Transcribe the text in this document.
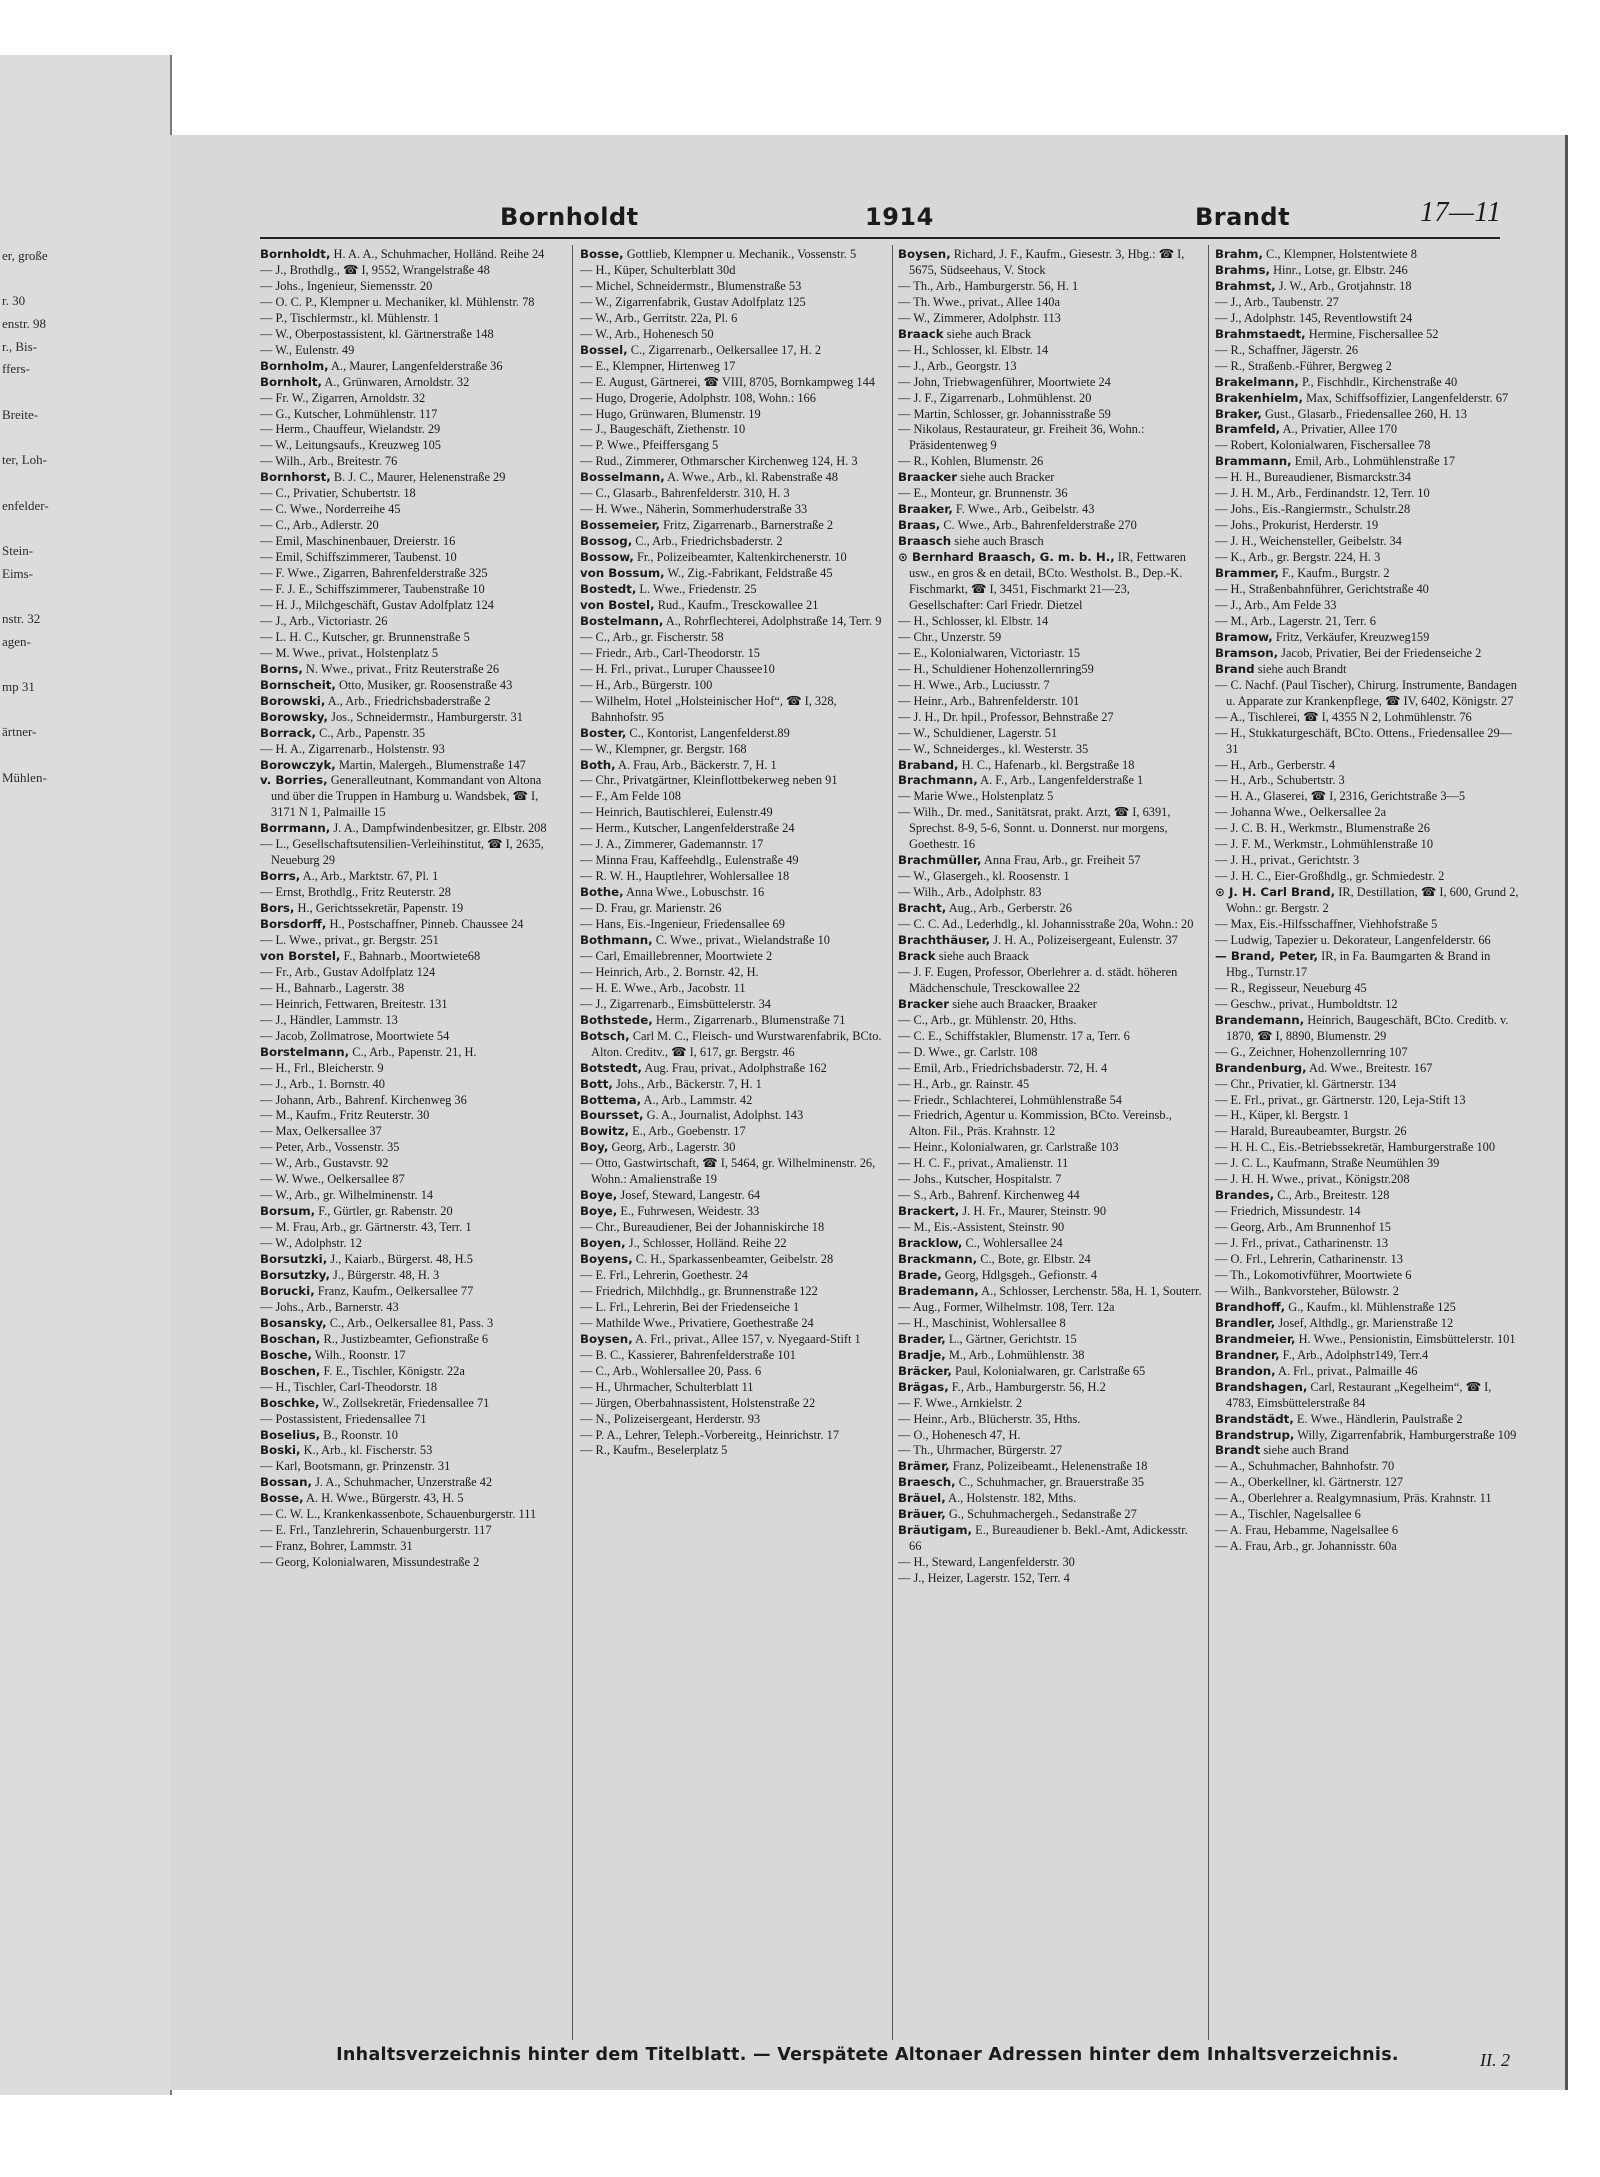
er, große
r. 30
enstr. 98
r., Bis-
ffers-
Breite-
ter, Loh-
enfelder-
Stein-
Eims-
nstr. 32
agen-
mp 31
ärtner-
Mühlen-
Bornholdt	1914	Brandt	17—11

Bornholdt, H. A. A., Schuhmacher, Holländ. Reihe 24

— J., Brothdlg., ☎ I, 9552, Wrangelstraße 48

— Johs., Ingenieur, Siemensstr. 20

— O. C. P., Klempner u. Mechaniker, kl. Mühlenstr. 78

— P., Tischlermstr., kl. Mühlenstr. 1

— W., Oberpostassistent, kl. Gärtnerstraße 148

— W., Eulenstr. 49

Bornholm, A., Maurer, Langenfelderstraße 36

Bornholt, A., Grünwaren, Arnoldstr. 32

— Fr. W., Zigarren, Arnoldstr. 32

— G., Kutscher, Lohmühlenstr. 117

— Herm., Chauffeur, Wielandstr. 29

— W., Leitungsaufs., Kreuzweg 105

— Wilh., Arb., Breitestr. 76

Bornhorst, B. J. C., Maurer, Helenenstraße 29

— C., Privatier, Schubertstr. 18

— C. Wwe., Norderreihe 45

— C., Arb., Adlerstr. 20

— Emil, Maschinenbauer, Dreierstr. 16

— Emil, Schiffszimmerer, Taubenst. 10

— F. Wwe., Zigarren, Bahrenfelderstraße 325

— F. J. E., Schiffszimmerer, Taubenstraße 10

— H. J., Milchgeschäft, Gustav Adolfplatz 124

— J., Arb., Victoriastr. 26

— L. H. C., Kutscher, gr. Brunnenstraße 5

— M. Wwe., privat., Holstenplatz 5

Borns, N. Wwe., privat., Fritz Reuterstraße 26

Bornscheit, Otto, Musiker, gr. Roosenstraße 43

Borowski, A., Arb., Friedrichsbaderstraße 2

Borowsky, Jos., Schneidermstr., Hamburgerstr. 31

Borrack, C., Arb., Papenstr. 35

— H. A., Zigarrenarb., Holstenstr. 93

Borowczyk, Martin, Malergeh., Blumenstraße 147

v. Borries, Generalleutnant, Kommandant von Altona und über die Truppen in Hamburg u. Wandsbek, ☎ I, 3171 N 1, Palmaille 15

Borrmann, J. A., Dampfwindenbesitzer, gr. Elbstr. 208

— L., Gesellschaftsutensilien-Verleihinstitut, ☎ I, 2635, Neueburg 29

Borrs, A., Arb., Marktstr. 67, Pl. 1

— Ernst, Brothdlg., Fritz Reuterstr. 28

Bors, H., Gerichtssekretär, Papenstr. 19

Borsdorff, H., Postschaffner, Pinneb. Chaussee 24

— L. Wwe., privat., gr. Bergstr. 251

von Borstel, F., Bahnarb., Moortwiete68

— Fr., Arb., Gustav Adolfplatz 124

— H., Bahnarb., Lagerstr. 38

— Heinrich, Fettwaren, Breitestr. 131

— J., Händler, Lammstr. 13

— Jacob, Zollmatrose, Moortwiete 54

Borstelmann, C., Arb., Papenstr. 21, H.

— H., Frl., Bleicherstr. 9

— J., Arb., 1. Bornstr. 40

— Johann, Arb., Bahrenf. Kirchenweg 36

— M., Kaufm., Fritz Reuterstr. 30

— Max, Oelkersallee 37

— Peter, Arb., Vossenstr. 35

— W., Arb., Gustavstr. 92

— W. Wwe., Oelkersallee 87

— W., Arb., gr. Wilhelminenstr. 14

Borsum, F., Gürtler, gr. Rabenstr. 20

— M. Frau, Arb., gr. Gärtnerstr. 43, Terr. 1

— W., Adolphstr. 12

Borsutzki, J., Kaiarb., Bürgerst. 48, H.5

Borsutzky, J., Bürgerstr. 48, H. 3

Borucki, Franz, Kaufm., Oelkersallee 77

— Johs., Arb., Barnerstr. 43

Bosansky, C., Arb., Oelkersallee 81, Pass. 3

Boschan, R., Justizbeamter, Gefionstraße 6

Bosche, Wilh., Roonstr. 17

Boschen, F. E., Tischler, Königstr. 22a

— H., Tischler, Carl-Theodorstr. 18

Boschke, W., Zollsekretär, Friedensallee 71

— Postassistent, Friedensallee 71

Boselius, B., Roonstr. 10

Boski, K., Arb., kl. Fischerstr. 53

— Karl, Bootsmann, gr. Prinzenstr. 31

Bossan, J. A., Schuhmacher, Unzerstraße 42

Bosse, A. H. Wwe., Bürgerstr. 43, H. 5

— C. W. L., Krankenkassenbote, Schauenburgerstr. 111

— E. Frl., Tanzlehrerin, Schauenburgerstr. 117

— Franz, Bohrer, Lammstr. 31

— Georg, Kolonialwaren, Missundestraße 2

Bosse, Gottlieb, Klempner u. Mechanik., Vossenstr. 5

— H., Küper, Schulterblatt 30d

— Michel, Schneidermstr., Blumenstraße 53

— W., Zigarrenfabrik, Gustav Adolfplatz 125

— W., Arb., Gerritstr. 22a, Pl. 6

— W., Arb., Hohenesch 50

Bossel, C., Zigarrenarb., Oelkersallee 17, H. 2

— E., Klempner, Hirtenweg 17

— E. August, Gärtnerei, ☎ VIII, 8705, Bornkampweg 144

— Hugo, Drogerie, Adolphstr. 108, Wohn.: 166

— Hugo, Grünwaren, Blumenstr. 19

— J., Baugeschäft, Ziethenstr. 10

— P. Wwe., Pfeiffersgang 5

— Rud., Zimmerer, Othmarscher Kirchenweg 124, H. 3

Bosselmann, A. Wwe., Arb., kl. Rabenstraße 48

— C., Glasarb., Bahrenfelderstr. 310, H. 3

— H. Wwe., Näherin, Sommerhuderstraße 33

Bossemeier, Fritz, Zigarrenarb., Barnerstraße 2

Bossog, C., Arb., Friedrichsbaderstr. 2

Bossow, Fr., Polizeibeamter, Kaltenkirchenerstr. 10

von Bossum, W., Zig.-Fabrikant, Feldstraße 45

Bostedt, L. Wwe., Friedenstr. 25

von Bostel, Rud., Kaufm., Tresckowallee 21

Bostelmann, A., Rohrflechterei, Adolphstraße 14, Terr. 9

— C., Arb., gr. Fischerstr. 58

— Friedr., Arb., Carl-Theodorstr. 15

— H. Frl., privat., Luruper Chaussee10

— H., Arb., Bürgerstr. 100

— Wilhelm, Hotel „Holsteinischer Hof“, ☎ I, 328, Bahnhofstr. 95

Boster, C., Kontorist, Langenfelderst.89

— W., Klempner, gr. Bergstr. 168

Both, A. Frau, Arb., Bäckerstr. 7, H. 1

— Chr., Privatgärtner, Kleinflottbekerweg neben 91

— F., Am Felde 108

— Heinrich, Bautischlerei, Eulenstr.49

— Herm., Kutscher, Langenfelderstraße 24

— J. A., Zimmerer, Gademannstr. 17

— Minna Frau, Kaffeehdlg., Eulenstraße 49

— R. W. H., Hauptlehrer, Wohlersallee 18

Bothe, Anna Wwe., Lobuschstr. 16

— D. Frau, gr. Marienstr. 26

— Hans, Eis.-Ingenieur, Friedensallee 69

Bothmann, C. Wwe., privat., Wielandstraße 10

— Carl, Emaillebrenner, Moortwiete 2

— Heinrich, Arb., 2. Bornstr. 42, H.

— H. E. Wwe., Arb., Jacobstr. 11

— J., Zigarrenarb., Eimsbüttelerstr. 34

Bothstede, Herm., Zigarrenarb., Blumenstraße 71

Botsch, Carl M. C., Fleisch- und Wurstwarenfabrik, BCto. Alton. Creditv., ☎ I, 617, gr. Bergstr. 46

Botstedt, Aug. Frau, privat., Adolphstraße 162

Bott, Johs., Arb., Bäckerstr. 7, H. 1

Bottema, A., Arb., Lammstr. 42

Boursset, G. A., Journalist, Adolphst. 143

Bowitz, E., Arb., Goebenstr. 17

Boy, Georg, Arb., Lagerstr. 30

— Otto, Gastwirtschaft, ☎ I, 5464, gr. Wilhelminenstr. 26, Wohn.: Amalienstraße 19

Boye, Josef, Steward, Langestr. 64

Boye, E., Fuhrwesen, Weidestr. 33

— Chr., Bureaudiener, Bei der Johanniskirche 18

Boyen, J., Schlosser, Holländ. Reihe 22

Boyens, C. H., Sparkassenbeamter, Geibelstr. 28

— E. Frl., Lehrerin, Goethestr. 24

— Friedrich, Milchhdlg., gr. Brunnenstraße 122

— L. Frl., Lehrerin, Bei der Friedenseiche 1

— Mathilde Wwe., Privatiere, Goethestraße 24

Boysen, A. Frl., privat., Allee 157, v. Nyegaard-Stift 1

— B. C., Kassierer, Bahrenfelderstraße 101

— C., Arb., Wohlersallee 20, Pass. 6

— H., Uhrmacher, Schulterblatt 11

— Jürgen, Oberbahnassistent, Holstenstraße 22

— N., Polizeisergeant, Herderstr. 93

— P. A., Lehrer, Teleph.-Vorbereitg., Heinrichstr. 17

— R., Kaufm., Beselerplatz 5

Boysen, Richard, J. F., Kaufm., Giesestr. 3, Hbg.: ☎ I, 5675, Südseehaus, V. Stock

— Th., Arb., Hamburgerstr. 56, H. 1

— Th. Wwe., privat., Allee 140a

— W., Zimmerer, Adolphstr. 113

Braack siehe auch Brack

— H., Schlosser, kl. Elbstr. 14

— J., Arb., Georgstr. 13

— John, Triebwagenführer, Moortwiete 24

— J. F., Zigarrenarb., Lohmühlenst. 20

— Martin, Schlosser, gr. Johannisstraße 59

— Nikolaus, Restaurateur, gr. Freiheit 36, Wohn.: Präsidentenweg 9

— R., Kohlen, Blumenstr. 26

Braacker siehe auch Bracker

— E., Monteur, gr. Brunnenstr. 36

Braaker, F. Wwe., Arb., Geibelstr. 43

Braas, C. Wwe., Arb., Bahrenfelderstraße 270

Braasch siehe auch Brasch

⊙ Bernhard Braasch, G. m. b. H., IR, Fettwaren usw., en gros & en detail, BCto. Westholst. B., Dep.-K. Fischmarkt, ☎ I, 3451, Fischmarkt 21—23, Gesellschafter: Carl Friedr. Dietzel

— H., Schlosser, kl. Elbstr. 14

— Chr., Unzerstr. 59

— E., Kolonialwaren, Victoriastr. 15

— H., Schuldiener Hohenzollernring59

— H. Wwe., Arb., Luciusstr. 7

— Heinr., Arb., Bahrenfelderstr. 101

— J. H., Dr. hpil., Professor, Behnstraße 27

— W., Schuldiener, Lagerstr. 51

— W., Schneiderges., kl. Westerstr. 35

Braband, H. C., Hafenarb., kl. Bergstraße 18

Brachmann, A. F., Arb., Langenfelderstraße 1

— Marie Wwe., Holstenplatz 5

— Wilh., Dr. med., Sanitätsrat, prakt. Arzt, ☎ I, 6391, Sprechst. 8-9, 5-6, Sonnt. u. Donnerst. nur morgens, Goethestr. 16

Brachmüller, Anna Frau, Arb., gr. Freiheit 57

— W., Glasergeh., kl. Roosenstr. 1

— Wilh., Arb., Adolphstr. 83

Bracht, Aug., Arb., Gerberstr. 26

— C. C. Ad., Lederhdlg., kl. Johannisstraße 20a, Wohn.: 20

Brachthäuser, J. H. A., Polizeisergeant, Eulenstr. 37

Brack siehe auch Braack

— J. F. Eugen, Professor, Oberlehrer a. d. städt. höheren Mädchenschule, Tresckowallee 22

Bracker siehe auch Braacker, Braaker

— C., Arb., gr. Mühlenstr. 20, Hths.

— C. E., Schiffstakler, Blumenstr. 17 a, Terr. 6

— D. Wwe., gr. Carlstr. 108

— Emil, Arb., Friedrichsbaderstr. 72, H. 4

— H., Arb., gr. Rainstr. 45

— Friedr., Schlachterei, Lohmühlenstraße 54

— Friedrich, Agentur u. Kommission, BCto. Vereinsb., Alton. Fil., Präs. Krahnstr. 12

— Heinr., Kolonialwaren, gr. Carlstraße 103

— H. C. F., privat., Amalienstr. 11

— Johs., Kutscher, Hospitalstr. 7

— S., Arb., Bahrenf. Kirchenweg 44

Brackert, J. H. Fr., Maurer, Steinstr. 90

— M., Eis.-Assistent, Steinstr. 90

Bracklow, C., Wohlersallee 24

Brackmann, C., Bote, gr. Elbstr. 24

Brade, Georg, Hdlgsgeh., Gefionstr. 4

Brademann, A., Schlosser, Lerchenstr. 58a, H. 1, Souterr.

— Aug., Former, Wilhelmstr. 108, Terr. 12a

— H., Maschinist, Wohlersallee 8

Brader, L., Gärtner, Gerichtstr. 15

Bradje, M., Arb., Lohmühlenstr. 38

Bräcker, Paul, Kolonialwaren, gr. Carlstraße 65

Brägas, F., Arb., Hamburgerstr. 56, H.2

— F. Wwe., Arnkielstr. 2

— Heinr., Arb., Blücherstr. 35, Hths.

— O., Hohenesch 47, H.

— Th., Uhrmacher, Bürgerstr. 27

Brämer, Franz, Polizeibeamt., Helenenstraße 18

Braesch, C., Schuhmacher, gr. Brauerstraße 35

Bräuel, A., Holstenstr. 182, Mths.

Bräuer, G., Schuhmachergeh., Sedanstraße 27

Bräutigam, E., Bureaudiener b. Bekl.-Amt, Adickesstr. 66

— H., Steward, Langenfelderstr. 30

— J., Heizer, Lagerstr. 152, Terr. 4

Brahm, C., Klempner, Holstentwiete 8

Brahms, Hinr., Lotse, gr. Elbstr. 246

Brahmst, J. W., Arb., Grotjahnstr. 18

— J., Arb., Taubenstr. 27

— J., Adolphstr. 145, Reventlowstift 24

Brahmstaedt, Hermine, Fischersallee 52

— R., Schaffner, Jägerstr. 26

— R., Straßenb.-Führer, Bergweg 2

Brakelmann, P., Fischhdlr., Kirchenstraße 40

Brakenhielm, Max, Schiffsoffizier, Langenfelderstr. 67

Braker, Gust., Glasarb., Friedensallee 260, H. 13

Bramfeld, A., Privatier, Allee 170

— Robert, Kolonialwaren, Fischersallee 78

Brammann, Emil, Arb., Lohmühlenstraße 17

— H. H., Bureaudiener, Bismarckstr.34

— J. H. M., Arb., Ferdinandstr. 12, Terr. 10

— Johs., Eis.-Rangiermstr., Schulstr.28

— Johs., Prokurist, Herderstr. 19

— J. H., Weichensteller, Geibelstr. 34

— K., Arb., gr. Bergstr. 224, H. 3

Brammer, F., Kaufm., Burgstr. 2

— H., Straßenbahnführer, Gerichtstraße 40

— J., Arb., Am Felde 33

— M., Arb., Lagerstr. 21, Terr. 6

Bramow, Fritz, Verkäufer, Kreuzweg159

Bramson, Jacob, Privatier, Bei der Friedenseiche 2

Brand siehe auch Brandt

— C. Nachf. (Paul Tischer), Chirurg. Instrumente, Bandagen u. Apparate zur Krankenpflege, ☎ IV, 6402, Königstr. 27

— A., Tischlerei, ☎ I, 4355 N 2, Lohmühlenstr. 76

— H., Stukkaturgeschäft, BCto. Ottens., Friedensallee 29—31

— H., Arb., Gerberstr. 4

— H., Arb., Schubertstr. 3

— H. A., Glaserei, ☎ I, 2316, Gerichtstraße 3—5

— Johanna Wwe., Oelkersallee 2a

— J. C. B. H., Werkmstr., Blumenstraße 26

— J. F. M., Werkmstr., Lohmühlenstraße 10

— J. H., privat., Gerichtstr. 3

— J. H. C., Eier-Großhdlg., gr. Schmiedestr. 2

⊙ J. H. Carl Brand, IR, Destillation, ☎ I, 600, Grund 2, Wohn.: gr. Bergstr. 2

— Max, Eis.-Hilfsschaffner, Viehhofstraße 5

— Ludwig, Tapezier u. Dekorateur, Langenfelderstr. 66

— Brand, Peter, IR, in Fa. Baumgarten & Brand in Hbg., Turnstr.17

— R., Regisseur, Neueburg 45

— Geschw., privat., Humboldtstr. 12

Brandemann, Heinrich, Baugeschäft, BCto. Creditb. v. 1870, ☎ I, 8890, Blumenstr. 29

— G., Zeichner, Hohenzollernring 107

Brandenburg, Ad. Wwe., Breitestr. 167

— Chr., Privatier, kl. Gärtnerstr. 134

— E. Frl., privat., gr. Gärtnerstr. 120, Leja-Stift 13

— H., Küper, kl. Bergstr. 1

— Harald, Bureaubeamter, Burgstr. 26

— H. H. C., Eis.-Betriebssekretär, Hamburgerstraße 100

— J. C. L., Kaufmann, Straße Neumühlen 39

— J. H. H. Wwe., privat., Königstr.208

Brandes, C., Arb., Breitestr. 128

— Friedrich, Missundestr. 14

— Georg, Arb., Am Brunnenhof 15

— J. Frl., privat., Catharinenstr. 13

— O. Frl., Lehrerin, Catharinenstr. 13

— Th., Lokomotivführer, Moortwiete 6

— Wilh., Bankvorsteher, Bülowstr. 2

Brandhoff, G., Kaufm., kl. Mühlenstraße 125

Brandler, Josef, Althdlg., gr. Marienstraße 12

Brandmeier, H. Wwe., Pensionistin, Eimsbüttelerstr. 101

Brandner, F., Arb., Adolphstr149, Terr.4

Brandon, A. Frl., privat., Palmaille 46

Brandshagen, Carl, Restaurant „Kegelheim“, ☎ I, 4783, Eimsbüttelerstraße 84

Brandstädt, E. Wwe., Händlerin, Paulstraße 2

Brandstrup, Willy, Zigarrenfabrik, Hamburgerstraße 109

Brandt siehe auch Brand

— A., Schuhmacher, Bahnhofstr. 70

— A., Oberkellner, kl. Gärtnerstr. 127

— A., Oberlehrer a. Realgymnasium, Präs. Krahnstr. 11

— A., Tischler, Nagelsallee 6

— A. Frau, Hebamme, Nagelsallee 6

— A. Frau, Arb., gr. Johannisstr. 60a

Inhaltsverzeichnis hinter dem Titelblatt. — Verspätete Altonaer Adressen hinter dem Inhaltsverzeichnis.	II. 2
